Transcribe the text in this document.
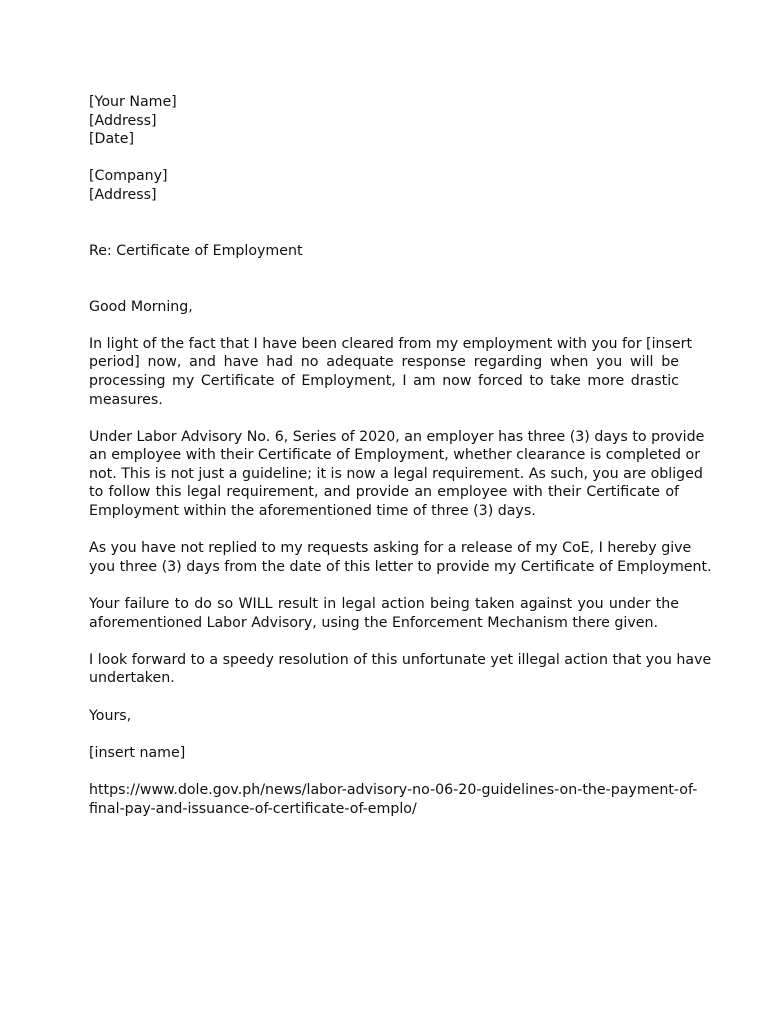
[Your Name]
[Address]
[Date]
[Company]
[Address]
Re: Certificate of Employment
Good Morning,
In light of the fact that I have been cleared from my employment with you for [insert
period] now, and have had no adequate response regarding when you will be
processing my Certificate of Employment, I am now forced to take more drastic
measures.
Under Labor Advisory No. 6, Series of 2020, an employer has three (3) days to provide
an employee with their Certificate of Employment, whether clearance is completed or
not. This is not just a guideline; it is now a legal requirement. As such, you are obliged
to follow this legal requirement, and provide an employee with their Certificate of
Employment within the aforementioned time of three (3) days.
As you have not replied to my requests asking for a release of my CoE, I hereby give
you three (3) days from the date of this letter to provide my Certificate of Employment.
Your failure to do so WILL result in legal action being taken against you under the
aforementioned Labor Advisory, using the Enforcement Mechanism there given.
I look forward to a speedy resolution of this unfortunate yet illegal action that you have
undertaken.
Yours,
[insert name]
https://www.dole.gov.ph/news/labor-advisory-no-06-20-guidelines-on-the-payment-of-
final-pay-and-issuance-of-certificate-of-emplo/
